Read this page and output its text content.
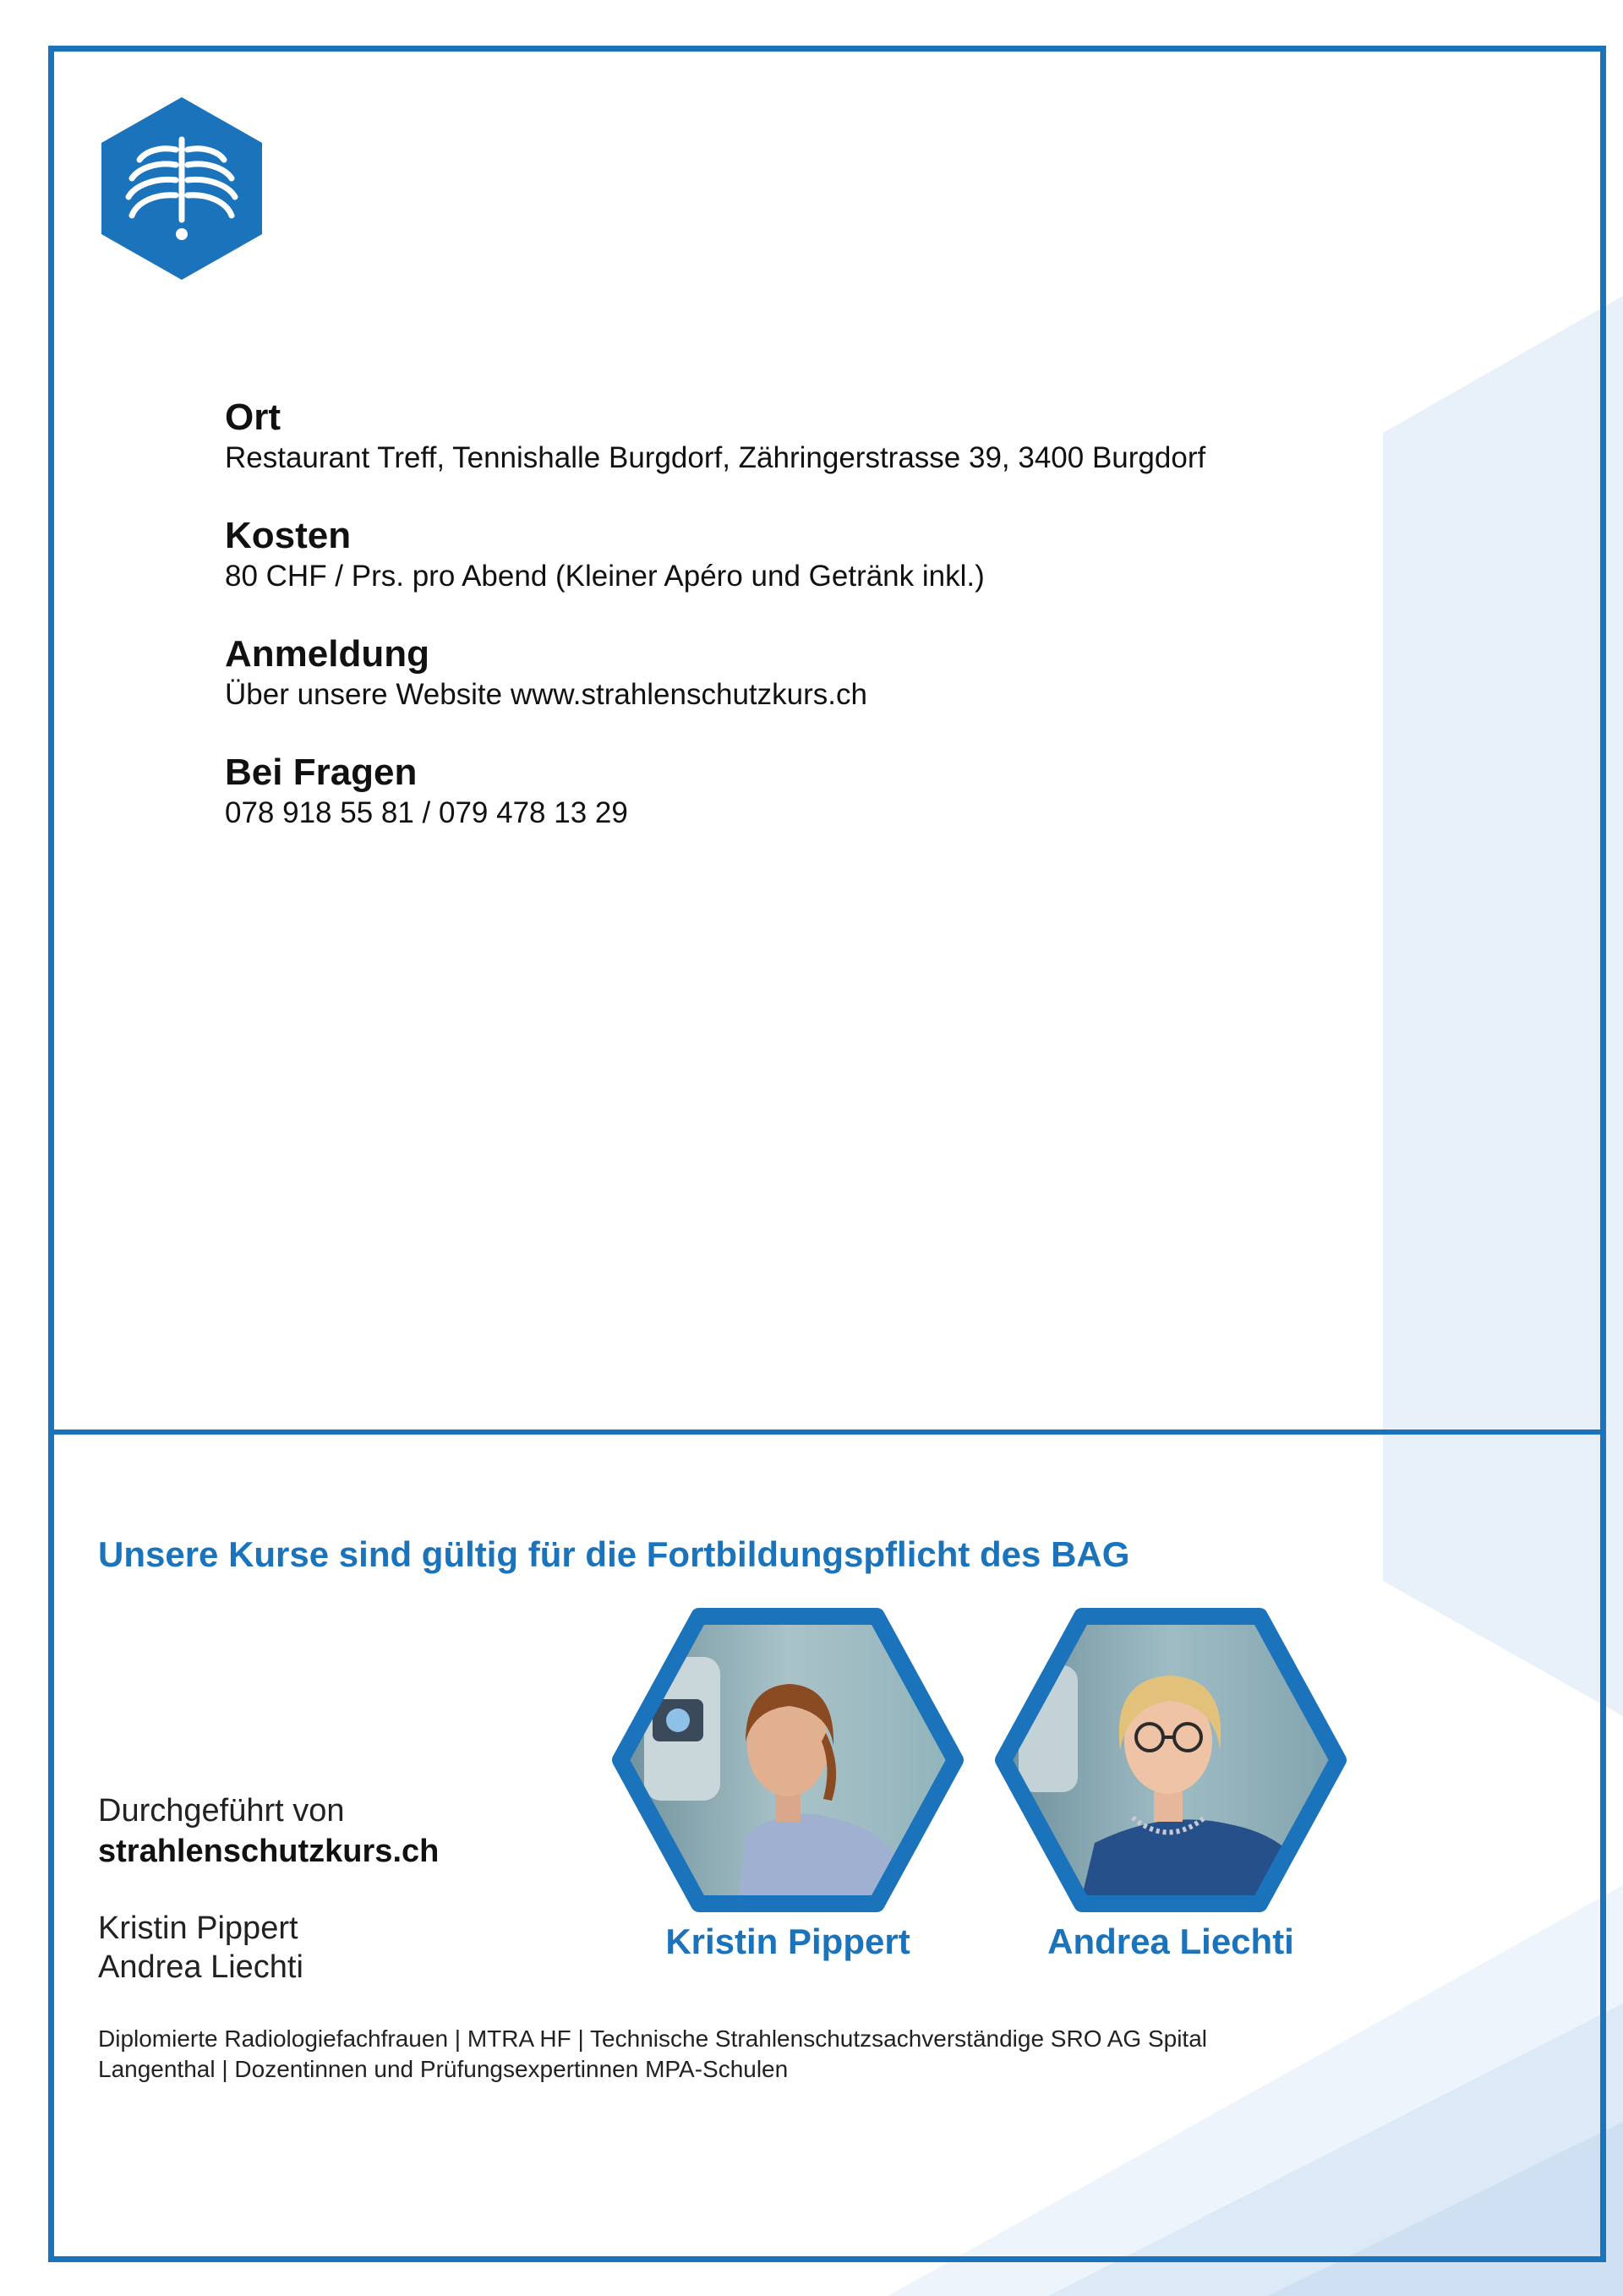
Ort
Restaurant Treff, Tennishalle Burgdorf, Zähringerstrasse 39, 3400 Burgdorf
Kosten
80 CHF / Prs. pro Abend (Kleiner Apéro und Getränk inkl.)
Anmeldung
Über unsere Website www.strahlenschutzkurs.ch
Bei Fragen
078 918 55 81 / 079 478 13 29
Unsere Kurse sind gültig für die Fortbildungspflicht des BAG
Durchgeführt von
strahlenschutzkurs.ch
Kristin Pippert
Andrea Liechti
Diplomierte Radiologiefachfrauen | MTRA HF | Technische Strahlenschutzsachverständige SRO AG Spital Langenthal | Dozentinnen und Prüfungsexpertinnen MPA-Schulen
Kristin Pippert	Andrea Liechti
